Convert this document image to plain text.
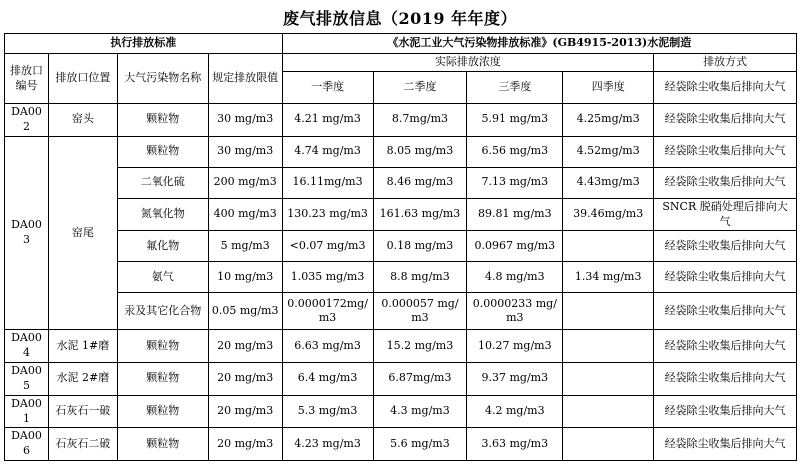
废气排放信息（2019 年年度）
执行排放标准				《水泥工业大气污染物排放标准》(GB4915-2013)水泥制造				
排放口编号	排放口位置	大气污染物名称	规定排放限值	实际排放浓度				排放方式
				一季度	二季度	三季度	四季度	经袋除尘收集后排向大气
DA002	窑头	颗粒物	30 mg/m3	4.21 mg/m3	8.7mg/m3	5.91 mg/m3	4.25mg/m3	经袋除尘收集后排向大气
DA003	窑尾	颗粒物	30 mg/m3	4.74 mg/m3	8.05 mg/m3	6.56 mg/m3	4.52mg/m3	经袋除尘收集后排向大气
		二氧化硫	200 mg/m3	16.11mg/m3	8.46 mg/m3	7.13 mg/m3	4.43mg/m3	经袋除尘收集后排向大气
		氮氧化物	400 mg/m3	130.23 mg/m3	161.63 mg/m3	89.81 mg/m3	39.46mg/m3	SNCR 脱硝处理后排向大气
		氟化物	5 mg/m3	<0.07 mg/m3	0.18 mg/m3	0.0967 mg/m3		经袋除尘收集后排向大气
		氨气	10 mg/m3	1.035 mg/m3	8.8 mg/m3	4.8 mg/m3	1.34 mg/m3	经袋除尘收集后排向大气
		汞及其它化合物	0.05 mg/m3	0.0000172mg/m3	0.000057 mg/m3	0.0000233 mg/m3		经袋除尘收集后排向大气
DA004	水泥 1#磨	颗粒物	20 mg/m3	6.63 mg/m3	15.2 mg/m3	10.27 mg/m3		经袋除尘收集后排向大气
DA005	水泥 2#磨	颗粒物	20 mg/m3	6.4 mg/m3	6.87mg/m3	9.37 mg/m3		经袋除尘收集后排向大气
DA001	石灰石一破	颗粒物	20 mg/m3	5.3 mg/m3	4.3 mg/m3	4.2 mg/m3		经袋除尘收集后排向大气
DA006	石灰石二破	颗粒物	20 mg/m3	4.23 mg/m3	5.6 mg/m3	3.63 mg/m3		经袋除尘收集后排向大气
